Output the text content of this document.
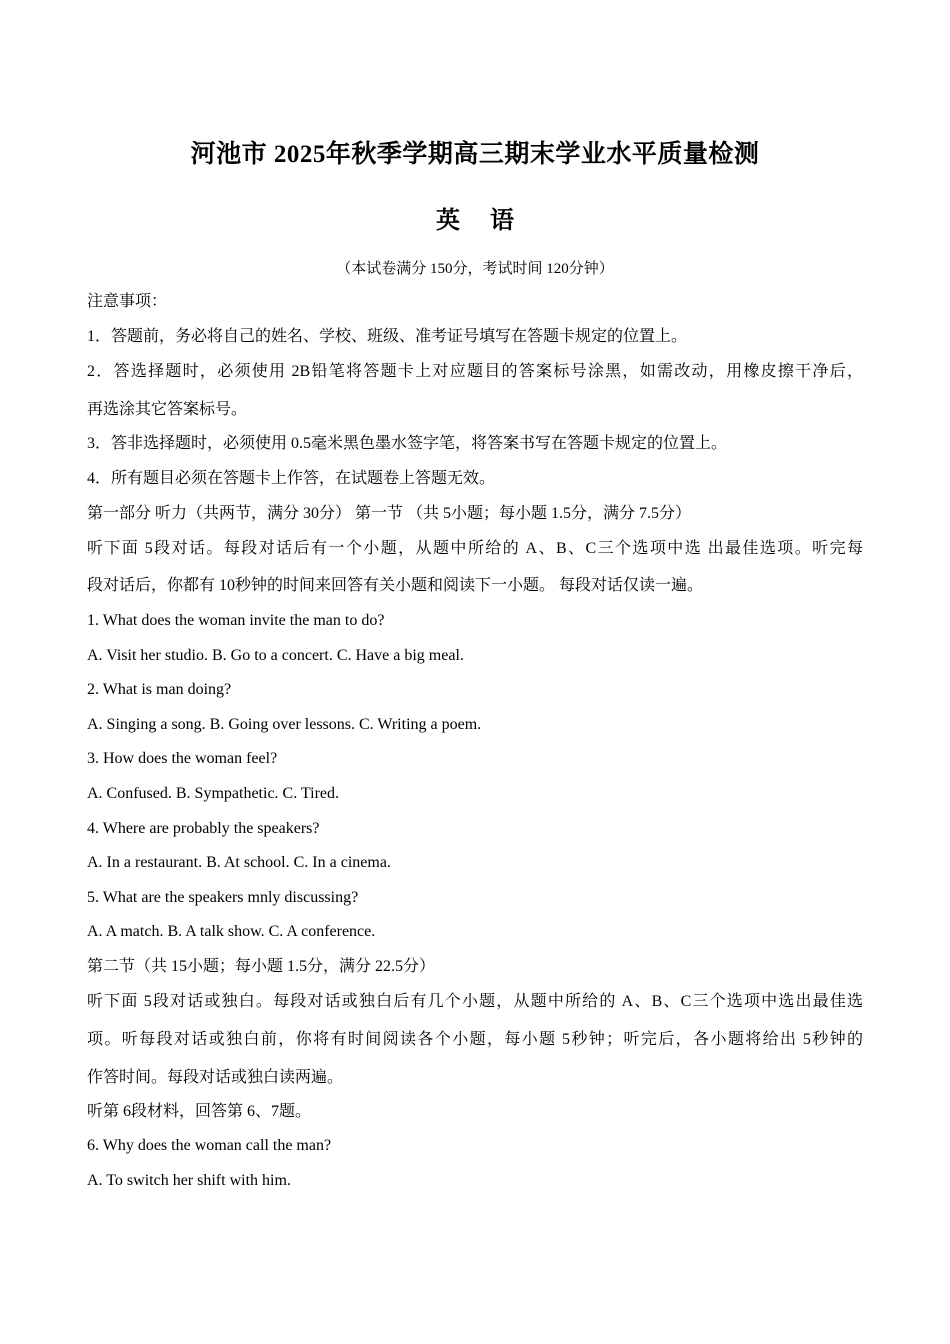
河池市 2025年秋季学期高三期末学业水平质量检测
英 语
（本试卷满分 150分，考试时间 120分钟）
注意事项：
1．答题前，务必将自己的姓名、学校、班级、准考证号填写在答题卡规定的位置上。
2．答选择题时，必须使用 2B铅笔将答题卡上对应题目的答案标号涂黑，如需改动，用橡皮擦干净后，
再选涂其它答案标号。
3．答非选择题时，必须使用 0.5毫米黑色墨水签字笔，将答案书写在答题卡规定的位置上。
4．所有题目必须在答题卡上作答，在试题卷上答题无效。
第一部分 听力（共两节，满分 30分） 第一节 （共 5小题；每小题 1.5分，满分 7.5分）
听下面 5段对话。每段对话后有一个小题，从题中所给的 A、B、C三个选项中选 出最佳选项。听完每
段对话后，你都有 10秒钟的时间来回答有关小题和阅读下一小题。 每段对话仅读一遍。
1. What does the woman invite the man to do?
A. Visit her studio. B. Go to a concert. C. Have a big meal.
2. What is man doing?
A. Singing a song. B. Going over lessons. C. Writing a poem.
3. How does the woman feel?
A. Confused. B. Sympathetic. C. Tired.
4. Where are probably the speakers?
A. In a restaurant. B. At school. C. In a cinema.
5. What are the speakers mnly discussing?
A. A match. B. A talk show. C. A conference.
第二节（共 15小题；每小题 1.5分，满分 22.5分）
听下面 5段对话或独白。每段对话或独白后有几个小题，从题中所给的 A、B、C三个选项中选出最佳选
项。听每段对话或独白前，你将有时间阅读各个小题，每小题 5秒钟；听完后，各小题将给出 5秒钟的
作答时间。每段对话或独白读两遍。
听第 6段材料，回答第 6、7题。
6. Why does the woman call the man?
A. To switch her shift with him.
